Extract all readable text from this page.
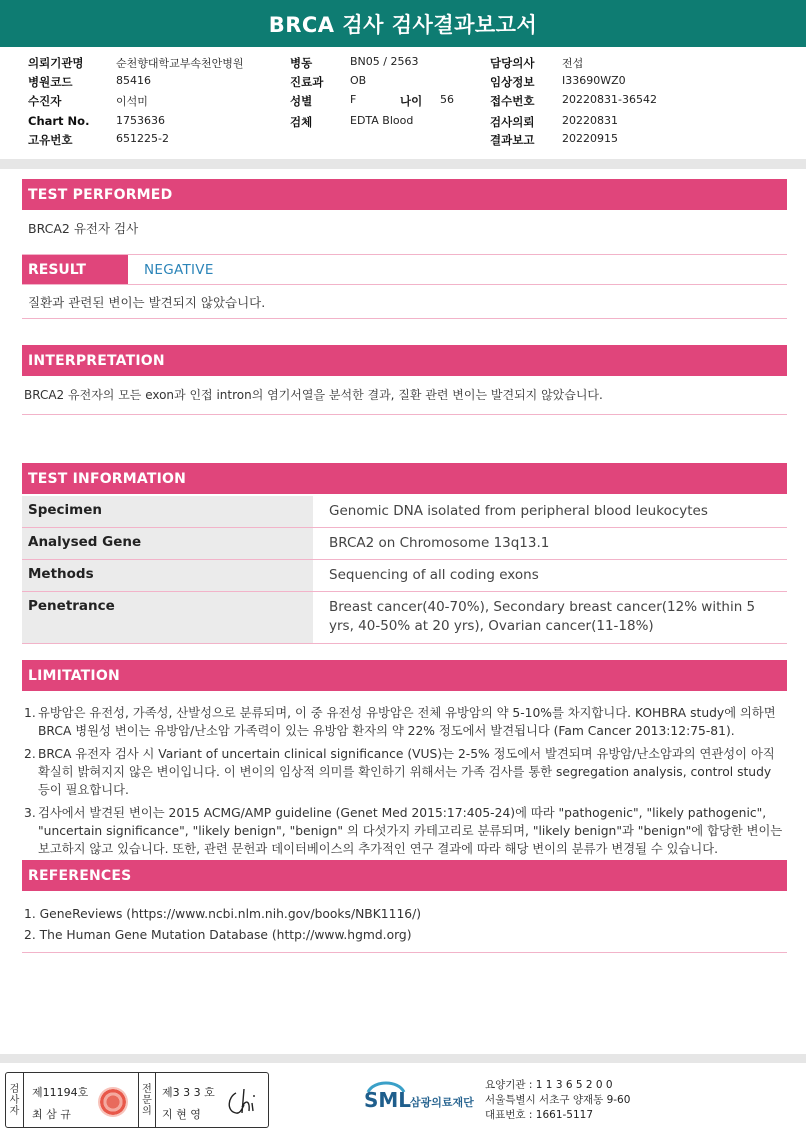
BRCA 검사 검사결과보고서
의뢰기관명	순천향대학교부속천안병원	병동	BN05 / 2563	담당의사	전섭
병원코드	85416	진료과 OB	임상정보	I33690WZ0
수진자	이석미	성별	F	나이 56	접수번호	20220831-36542
Chart No. 1753636	검체	EDTA Blood	검사의뢰	20220831
고유번호	651225-2	결과보고	20220915
TEST PERFORMED
BRCA2 유전자 검사
RESULT	NEGATIVE
질환과 관련된 변이는 발견되지 않았습니다.
INTERPRETATION
BRCA2 유전자의 모든 exon과 인접 intron의 염기서열을 분석한 결과, 질환 관련 변이는 발견되지 않았습니다.
TEST INFORMATION
Specimen	Genomic DNA isolated from peripheral blood leukocytes
Analysed Gene	BRCA2 on Chromosome 13q13.1
Methods	Sequencing of all coding exons
Penetrance	Breast cancer(40-70%), Secondary breast cancer(12% within 5 yrs, 40-50% at 20 yrs), Ovarian cancer(11-18%)
LIMITATION
1. 유방암은 유전성, 가족성, 산발성으로 분류되며, 이 중 유전성 유방암은 전체 유방암의 약 5-10%를 차지합니다. KOHBRA study에 의하면 BRCA 병원성 변이는 유방암/난소암 가족력이 있는 유방암 환자의 약 22% 정도에서 발견됩니다 (Fam Cancer 2013:12:75-81).
2. BRCA 유전자 검사 시 Variant of uncertain clinical significance (VUS)는 2-5% 정도에서 발견되며 유방암/난소암과의 연관성이 아직 확실히 밝혀지지 않은 변이입니다. 이 변이의 임상적 의미를 확인하기 위해서는 가족 검사를 통한 segregation analysis, control study 등이 필요합니다.
3. 검사에서 발견된 변이는 2015 ACMG/AMP guideline (Genet Med 2015:17:405-24)에 따라 "pathogenic", "likely pathogenic", "uncertain significance", "likely benign", "benign" 의 다섯가지 카테고리로 분류되며, "likely benign"과 "benign"에 합당한 변이는 보고하지 않고 있습니다. 또한, 관련 문헌과 데이터베이스의 추가적인 연구 결과에 따라 해당 변이의 분류가 변경될 수 있습니다.
REFERENCES
1. GeneReviews (https://www.ncbi.nlm.nih.gov/books/NBK1116/)
2. The Human Gene Mutation Database (http://www.hgmd.org)
검
사
자
제11194호
최 삼 규
전
문
의
제3 3 3 호
지 현 영
SML
삼광의료재단
요양기관 : 1 1 3 6 5 2 0 0
서울특별시 서초구 양재동 9-60
대표번호 : 1661-5117
